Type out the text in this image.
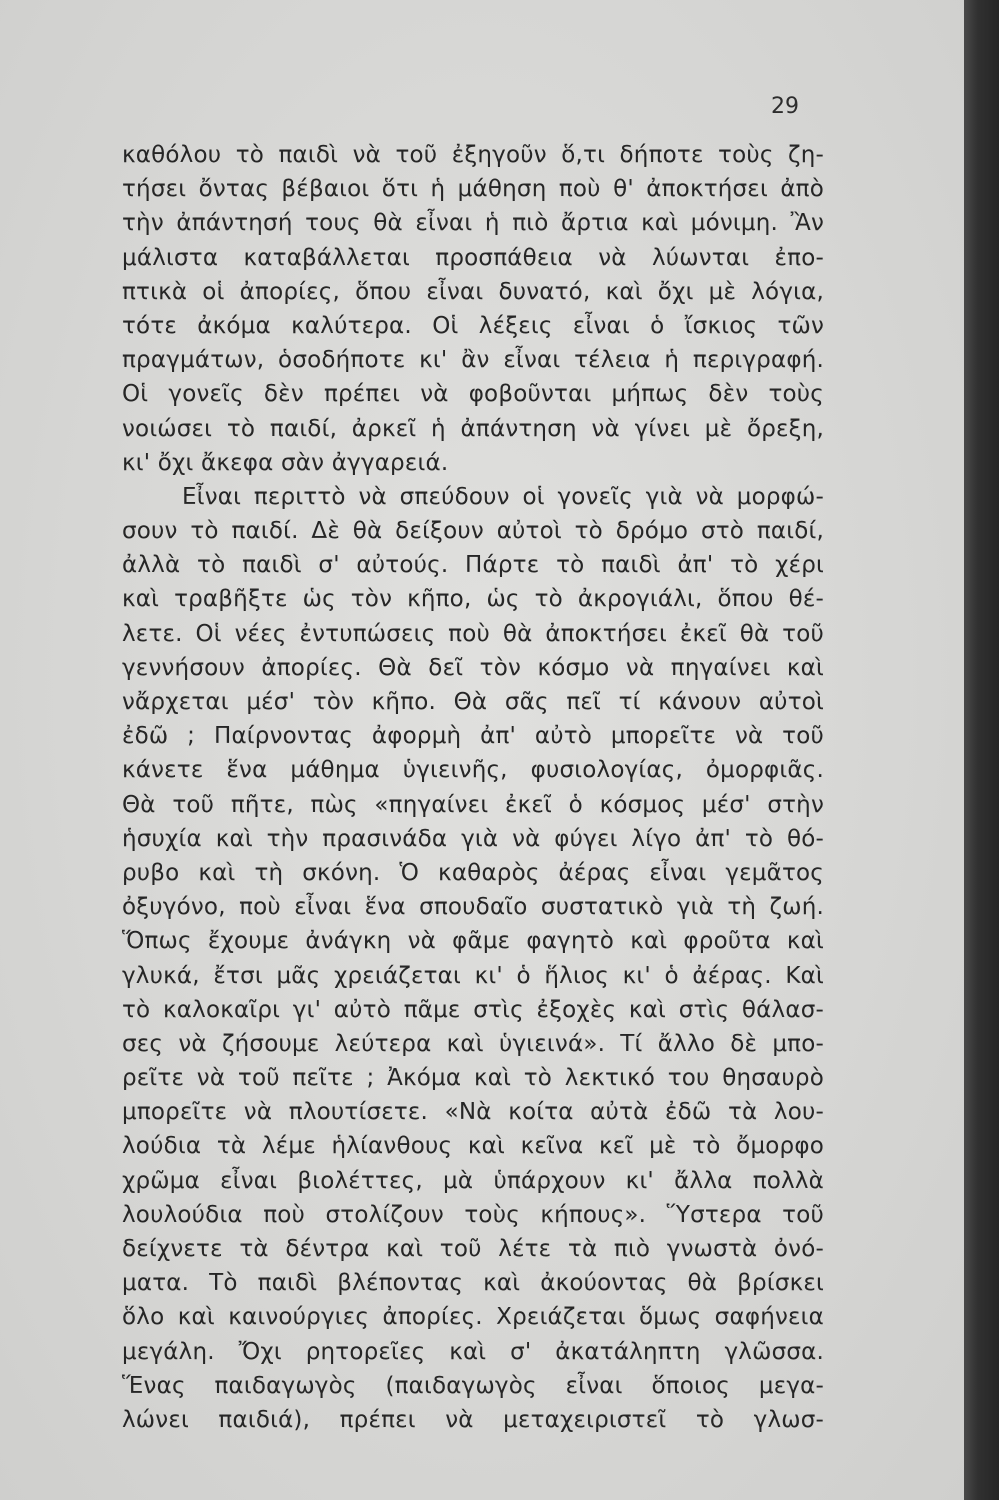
29

καθόλου τὸ παιδὶ νὰ τοῦ ἐξηγοῦν ὅ,τι δήποτε τοὺς ζη-
τήσει ὄντας βέβαιοι ὅτι ἡ μάθηση ποὺ θ' ἀποκτήσει ἀπὸ
τὴν ἀπάντησή τους θὰ εἶναι ἡ πιὸ ἄρτια καὶ μόνιμη. Ἂν
μάλιστα καταβάλλεται προσπάθεια νὰ λύωνται ἐπο-
πτικὰ οἱ ἀπορίες, ὅπου εἶναι δυνατό, καὶ ὄχι μὲ λόγια,
τότε ἀκόμα καλύτερα. Οἱ λέξεις εἶναι ὁ ἴσκιος τῶν
πραγμάτων, ὁσοδήποτε κι' ἂν εἶναι τέλεια ἡ περιγραφή.
Οἱ γονεῖς δὲν πρέπει νὰ φοβοῦνται μήπως δὲν τοὺς
νοιώσει τὸ παιδί, ἀρκεῖ ἡ ἀπάντηση νὰ γίνει μὲ ὄρεξη,
κι' ὄχι ἄκεφα σὰν ἀγγαρειά.
Εἶναι περιττὸ νὰ σπεύδουν οἱ γονεῖς γιὰ νὰ μορφώ-
σουν τὸ παιδί. Δὲ θὰ δείξουν αὐτοὶ τὸ δρόμο στὸ παιδί,
ἀλλὰ τὸ παιδὶ σ' αὐτούς. Πάρτε τὸ παιδὶ ἀπ' τὸ χέρι
καὶ τραβῆξτε ὡς τὸν κῆπο, ὡς τὸ ἀκρογιάλι, ὅπου θέ-
λετε. Οἱ νέες ἐντυπώσεις ποὺ θὰ ἀποκτήσει ἐκεῖ θὰ τοῦ
γεννήσουν ἀπορίες. Θὰ δεῖ τὸν κόσμο νὰ πηγαίνει καὶ
νἄρχεται μέσ' τὸν κῆπο. Θὰ σᾶς πεῖ τί κάνουν αὐτοὶ
ἐδῶ ; Παίρνοντας ἀφορμὴ ἀπ' αὐτὸ μπορεῖτε νὰ τοῦ
κάνετε ἕνα μάθημα ὑγιεινῆς, φυσιολογίας, ὀμορφιᾶς.
Θὰ τοῦ πῆτε, πὼς «πηγαίνει ἐκεῖ ὁ κόσμος μέσ' στὴν
ἡσυχία καὶ τὴν πρασινάδα γιὰ νὰ φύγει λίγο ἀπ' τὸ θό-
ρυβο καὶ τὴ σκόνη. Ὁ καθαρὸς ἀέρας εἶναι γεμᾶτος
ὀξυγόνο, ποὺ εἶναι ἕνα σπουδαῖο συστατικὸ γιὰ τὴ ζωή.
Ὅπως ἔχουμε ἀνάγκη νὰ φᾶμε φαγητὸ καὶ φροῦτα καὶ
γλυκά, ἔτσι μᾶς χρειάζεται κι' ὁ ἥλιος κι' ὁ ἀέρας. Καὶ
τὸ καλοκαῖρι γι' αὐτὸ πᾶμε στὶς ἐξοχὲς καὶ στὶς θάλασ-
σες νὰ ζήσουμε λεύτερα καὶ ὑγιεινά». Τί ἄλλο δὲ μπο-
ρεῖτε νὰ τοῦ πεῖτε ; Ἀκόμα καὶ τὸ λεκτικό του θησαυρὸ
μπορεῖτε νὰ πλουτίσετε. «Νὰ κοίτα αὐτὰ ἐδῶ τὰ λου-
λούδια τὰ λέμε ἡλίανθους καὶ κεῖνα κεῖ μὲ τὸ ὄμορφο
χρῶμα εἶναι βιολέττες, μὰ ὑπάρχουν κι' ἄλλα πολλὰ
λουλούδια ποὺ στολίζουν τοὺς κήπους». Ὕστερα τοῦ
δείχνετε τὰ δέντρα καὶ τοῦ λέτε τὰ πιὸ γνωστὰ ὀνό-
ματα. Τὸ παιδὶ βλέποντας καὶ ἀκούοντας θὰ βρίσκει
ὅλο καὶ καινούργιες ἀπορίες. Χρειάζεται ὅμως σαφήνεια
μεγάλη. Ὄχι ρητορεῖες καὶ σ' ἀκατάληπτη γλῶσσα.
Ἕνας παιδαγωγὸς (παιδαγωγὸς εἶναι ὅποιος μεγα-
λώνει παιδιά), πρέπει νὰ μεταχειριστεῖ τὸ γλωσ-
